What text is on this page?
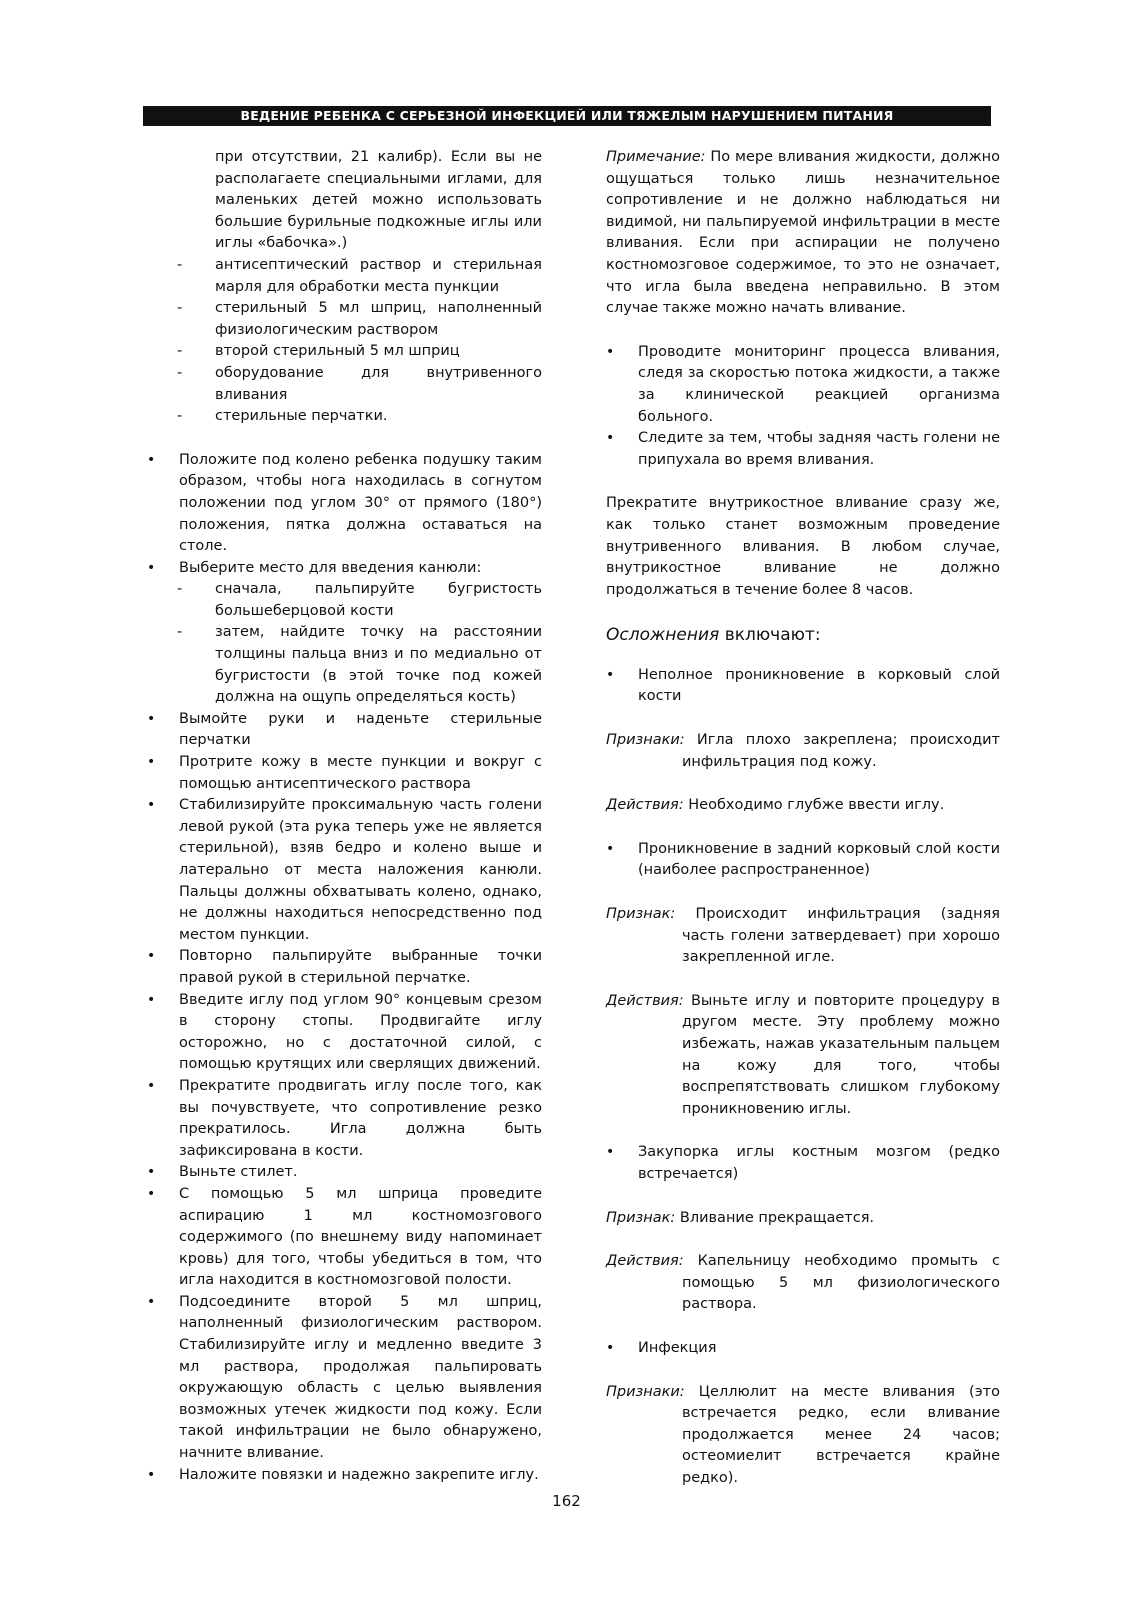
ВЕДЕНИЕ РЕБЕНКА С СЕРЬЕЗНОЙ ИНФЕКЦИЕЙ ИЛИ ТЯЖЕЛЫМ НАРУШЕНИЕМ ПИТАНИЯ
при отсутствии, 21 калибр). Если вы не располагаете специальными иглами, для маленьких детей можно использовать большие бурильные подкожные иглы или иглы «бабочка».)
- антисептический раствор и стерильная марля для обработки места пункции
- стерильный 5 мл шприц, наполненный физиологическим раствором
- второй стерильный 5 мл шприц
- оборудование для внутривенного вливания
- стерильные перчатки.
• Положите под колено ребенка подушку таким образом, чтобы нога находилась в согнутом положении под углом 30° от прямого (180°) положения, пятка должна оставаться на столе.
• Выберите место для введения канюли:
- сначала, пальпируйте бугристость большеберцовой кости
- затем, найдите точку на расстоянии толщины пальца вниз и по медиально от бугристости (в этой точке под кожей должна на ощупь определяться кость)
• Вымойте руки и наденьте стерильные перчатки
• Протрите кожу в месте пункции и вокруг с помощью антисептического раствора
• Стабилизируйте проксимальную часть голени левой рукой (эта рука теперь уже не является стерильной), взяв бедро и колено выше и латерально от места наложения канюли. Пальцы должны обхватывать колено, однако, не должны находиться непосредственно под местом пункции.
• Повторно пальпируйте выбранные точки правой рукой в стерильной перчатке.
• Введите иглу под углом 90° концевым срезом в сторону стопы. Продвигайте иглу осторожно, но с достаточной силой, с помощью крутящих или сверлящих движений.
• Прекратите продвигать иглу после того, как вы почувствуете, что сопротивление резко прекратилось. Игла должна быть зафиксирована в кости.
• Выньте стилет.
• С помощью 5 мл шприца проведите аспирацию 1 мл костномозгового содержимого (по внешнему виду напоминает кровь) для того, чтобы убедиться в том, что игла находится в костномозговой полости.
• Подсоедините второй 5 мл шприц, наполненный физиологическим раствором. Стабилизируйте иглу и медленно введите 3 мл раствора, продолжая пальпировать окружающую область с целью выявления возможных утечек жидкости под кожу. Если такой инфильтрации не было обнаружено, начните вливание.
• Наложите повязки и надежно закрепите иглу.
Примечание: По мере вливания жидкости, должно ощущаться только лишь незначительное сопротивление и не должно наблюдаться ни видимой, ни пальпируемой инфильтрации в месте вливания. Если при аспирации не получено костномозговое содержимое, то это не означает, что игла была введена неправильно. В этом случае также можно начать вливание.
• Проводите мониторинг процесса вливания, следя за скоростью потока жидкости, а также за клинической реакцией организма больного.
• Следите за тем, чтобы задняя часть голени не припухала во время вливания.
Прекратите внутрикостное вливание сразу же, как только станет возможным проведение внутривенного вливания. В любом случае, внутрикостное вливание не должно продолжаться в течение более 8 часов.
Осложнения включают:
• Неполное проникновение в корковый слой кости
Признаки: Игла плохо закреплена; происходит инфильтрация под кожу.
Действия: Необходимо глубже ввести иглу.
• Проникновение в задний корковый слой кости (наиболее распространенное)
Признак: Происходит инфильтрация (задняя часть голени затвердевает) при хорошо закрепленной игле.
Действия: Выньте иглу и повторите процедуру в другом месте. Эту проблему можно избежать, нажав указательным пальцем на кожу для того, чтобы воспрепятствовать слишком глубокому проникновению иглы.
• Закупорка иглы костным мозгом (редко встречается)
Признак: Вливание прекращается.
Действия: Капельницу необходимо промыть с помощью 5 мл физиологического раствора.
• Инфекция
Признаки: Целлюлит на месте вливания (это встречается редко, если вливание продолжается менее 24 часов; остеомиелит встречается крайне редко).
162
